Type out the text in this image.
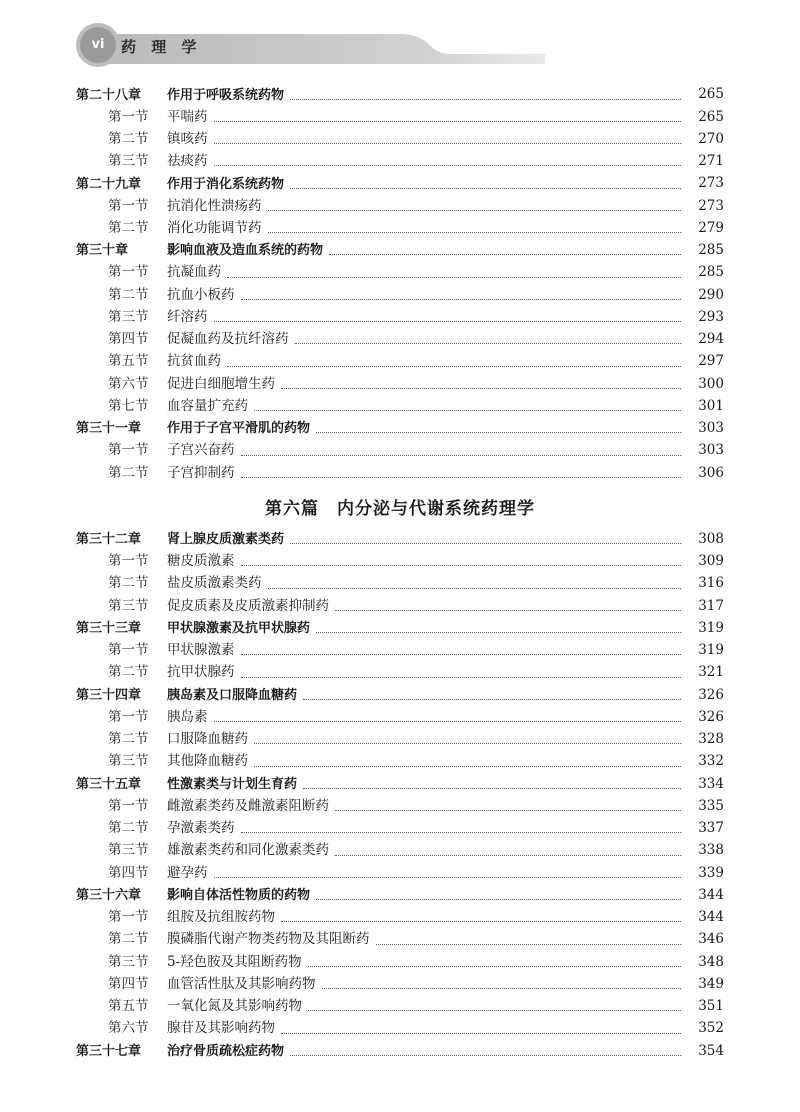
vi	药 理 学
第二十八章	作用于呼吸系统药物	265
第一节	平喘药	265
第二节	镇咳药	270
第三节	祛痰药	271
第二十九章	作用于消化系统药物	273
第一节	抗消化性溃疡药	273
第二节	消化功能调节药	279
第三十章	影响血液及造血系统的药物	285
第一节	抗凝血药	285
第二节	抗血小板药	290
第三节	纤溶药	293
第四节	促凝血药及抗纤溶药	294
第五节	抗贫血药	297
第六节	促进白细胞增生药	300
第七节	血容量扩充药	301
第三十一章	作用于子宫平滑肌的药物	303
第一节	子宫兴奋药	303
第二节	子宫抑制药	306
第六篇　内分泌与代谢系统药理学
第三十二章	肾上腺皮质激素类药	308
第一节	糖皮质激素	309
第二节	盐皮质激素类药	316
第三节	促皮质素及皮质激素抑制药	317
第三十三章	甲状腺激素及抗甲状腺药	319
第一节	甲状腺激素	319
第二节	抗甲状腺药	321
第三十四章	胰岛素及口服降血糖药	326
第一节	胰岛素	326
第二节	口服降血糖药	328
第三节	其他降血糖药	332
第三十五章	性激素类与计划生育药	334
第一节	雌激素类药及雌激素阻断药	335
第二节	孕激素类药	337
第三节	雄激素类药和同化激素类药	338
第四节	避孕药	339
第三十六章	影响自体活性物质的药物	344
第一节	组胺及抗组胺药物	344
第二节	膜磷脂代谢产物类药物及其阻断药	346
第三节	5-羟色胺及其阻断药物	348
第四节	血管活性肽及其影响药物	349
第五节	一氧化氮及其影响药物	351
第六节	腺苷及其影响药物	352
第三十七章	治疗骨质疏松症药物	354
